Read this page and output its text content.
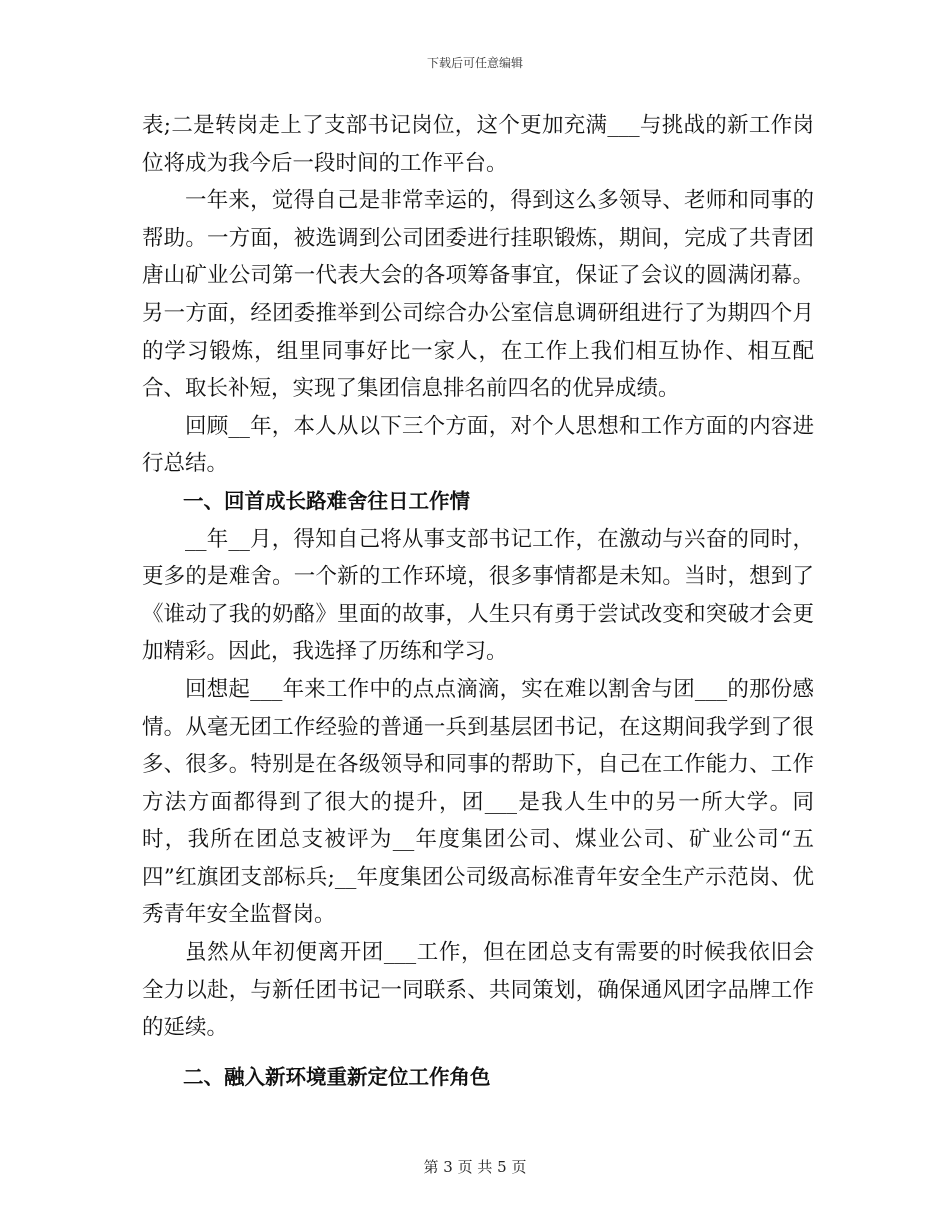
下载后可任意编辑

表;二是转岗走上了支部书记岗位，这个更加充满___与挑战的新工作岗位将成为我今后一段时间的工作平台。

一年来，觉得自己是非常幸运的，得到这么多领导、老师和同事的帮助。一方面，被选调到公司团委进行挂职锻炼，期间，完成了共青团唐山矿业公司第一代表大会的各项筹备事宜，保证了会议的圆满闭幕。另一方面，经团委推举到公司综合办公室信息调研组进行了为期四个月的学习锻炼，组里同事好比一家人，在工作上我们相互协作、相互配合、取长补短，实现了集团信息排名前四名的优异成绩。

回顾__年，本人从以下三个方面，对个人思想和工作方面的内容进行总结。

一、回首成长路难舍往日工作情

__年__月，得知自己将从事支部书记工作，在激动与兴奋的同时，更多的是难舍。一个新的工作环境，很多事情都是未知。当时，想到了《谁动了我的奶酪》里面的故事，人生只有勇于尝试改变和突破才会更加精彩。因此，我选择了历练和学习。

回想起___年来工作中的点点滴滴，实在难以割舍与团___的那份感情。从毫无团工作经验的普通一兵到基层团书记，在这期间我学到了很多、很多。特别是在各级领导和同事的帮助下，自己在工作能力、工作方法方面都得到了很大的提升，团___是我人生中的另一所大学。同时，我所在团总支被评为__年度集团公司、煤业公司、矿业公司“五四”红旗团支部标兵;__年度集团公司级高标准青年安全生产示范岗、优秀青年安全监督岗。

虽然从年初便离开团___工作，但在团总支有需要的时候我依旧会全力以赴，与新任团书记一同联系、共同策划，确保通风团字品牌工作的延续。

二、融入新环境重新定位工作角色

第 3 页 共 5 页
